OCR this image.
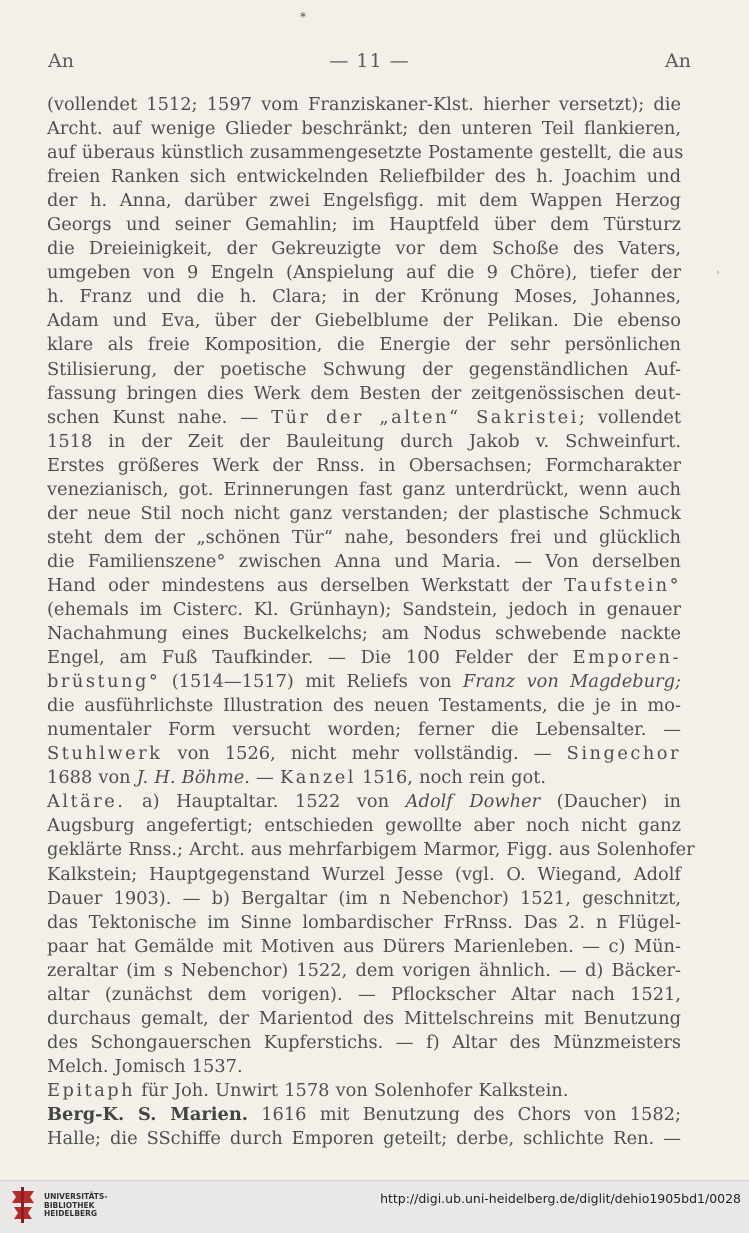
*
An	— 11 —	An
(vollendet 1512; 1597 vom Franziskaner-Klst. hierher versetzt); die
Archt. auf wenige Glieder beschränkt; den unteren Teil flankieren,
auf überaus künstlich zusammengesetzte Postamente gestellt, die aus
freien Ranken sich entwickelnden Reliefbilder des h. Joachim und
der h. Anna, darüber zwei Engelsfigg. mit dem Wappen Herzog
Georgs und seiner Gemahlin; im Hauptfeld über dem Türsturz
die Dreieinigkeit, der Gekreuzigte vor dem Schoße des Vaters,
umgeben von 9 Engeln (Anspielung auf die 9 Chöre), tiefer der
h. Franz und die h. Clara; in der Krönung Moses, Johannes,
Adam und Eva, über der Giebelblume der Pelikan. Die ebenso
klare als freie Komposition, die Energie der sehr persönlichen
Stilisierung, der poetische Schwung der gegenständlichen Auf-
fassung bringen dies Werk dem Besten der zeitgenössischen deut-
schen Kunst nahe. — Tür der „alten“ Sakristei; vollendet
1518 in der Zeit der Bauleitung durch Jakob v. Schweinfurt.
Erstes größeres Werk der Rnss. in Obersachsen; Formcharakter
venezianisch, got. Erinnerungen fast ganz unterdrückt, wenn auch
der neue Stil noch nicht ganz verstanden; der plastische Schmuck
steht dem der „schönen Tür“ nahe, besonders frei und glücklich
die Familienszene° zwischen Anna und Maria. — Von derselben
Hand oder mindestens aus derselben Werkstatt der Taufstein°
(ehemals im Cisterc. Kl. Grünhayn); Sandstein, jedoch in genauer
Nachahmung eines Buckelkelchs; am Nodus schwebende nackte
Engel, am Fuß Taufkinder. — Die 100 Felder der Emporen-
brüstung° (1514—1517) mit Reliefs von Franz von Magdeburg;
die ausführlichste Illustration des neuen Testaments, die je in mo-
numentaler Form versucht worden; ferner die Lebensalter. —
Stuhlwerk von 1526, nicht mehr vollständig. — Singechor
1688 von J. H. Böhme. — Kanzel 1516, noch rein got.
Altäre. a) Hauptaltar. 1522 von Adolf Dowher (Daucher) in
Augsburg angefertigt; entschieden gewollte aber noch nicht ganz
geklärte Rnss.; Archt. aus mehrfarbigem Marmor, Figg. aus Solenhofer
Kalkstein; Hauptgegenstand Wurzel Jesse (vgl. O. Wiegand, Adolf
Dauer 1903). — b) Bergaltar (im n Nebenchor) 1521, geschnitzt,
das Tektonische im Sinne lombardischer FrRnss. Das 2. n Flügel-
paar hat Gemälde mit Motiven aus Dürers Marienleben. — c) Mün-
zeraltar (im s Nebenchor) 1522, dem vorigen ähnlich. — d) Bäcker-
altar (zunächst dem vorigen). — Pflockscher Altar nach 1521,
durchaus gemalt, der Marientod des Mittelschreins mit Benutzung
des Schongauerschen Kupferstichs. — f) Altar des Münzmeisters
Melch. Jomisch 1537.
Epitaph für Joh. Unwirt 1578 von Solenhofer Kalkstein.
Berg-K. S. Marien. 1616 mit Benutzung des Chors von 1582;
Halle; die SSchiffe durch Emporen geteilt; derbe, schlichte Ren. —
›
UNIVERSITÄTS-
BIBLIOTHEK
HEIDELBERG
http://digi.ub.uni-heidelberg.de/diglit/dehio1905bd1/0028
